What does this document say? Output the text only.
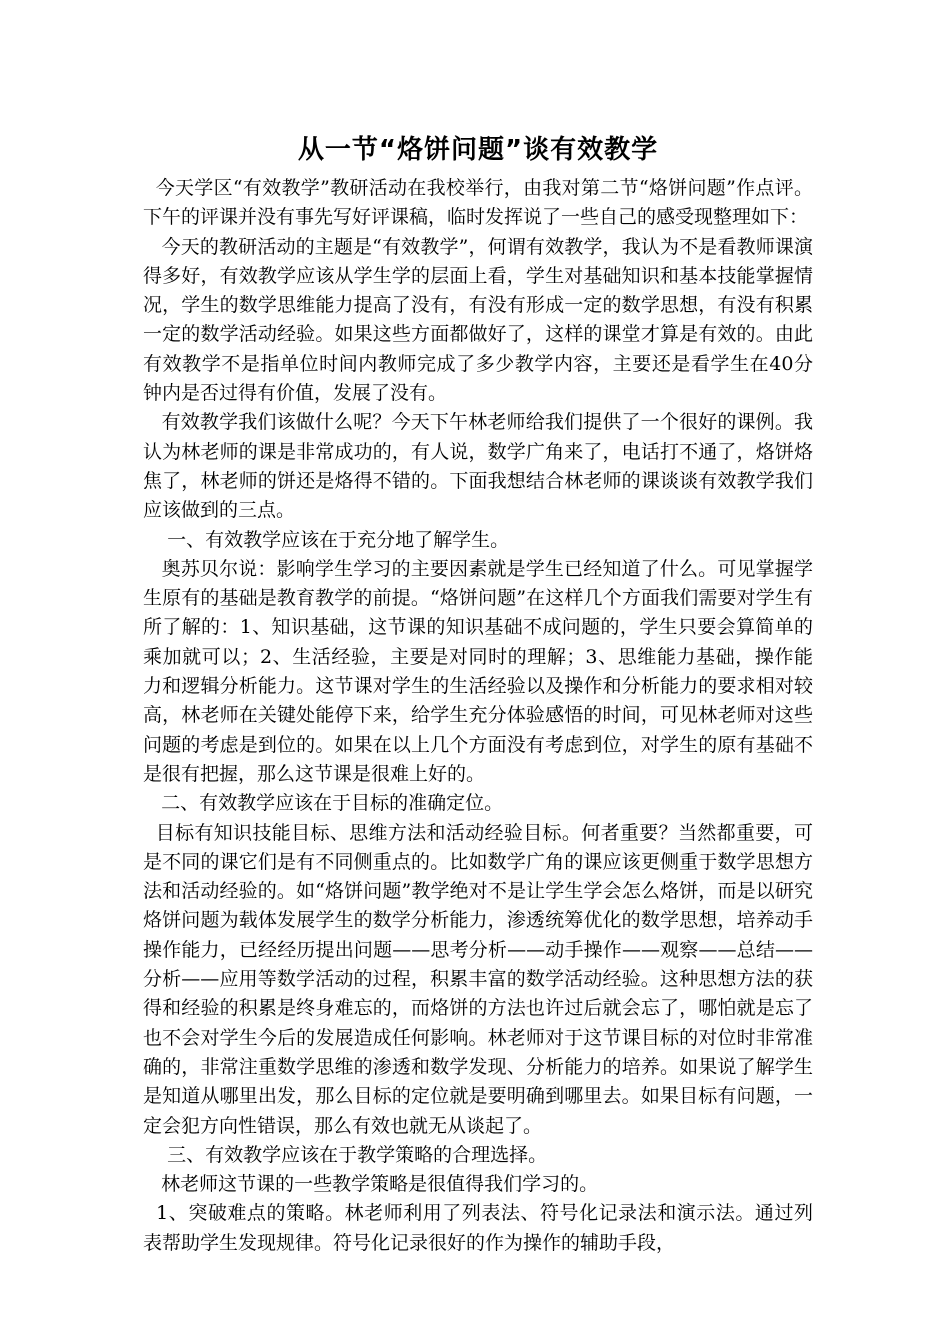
从一节“烙饼问题”谈有效教学

今天学区“有效教学”教研活动在我校举行，由我对第二节“烙饼问题”作点评。下午的评课并没有事先写好评课稿，临时发挥说了一些自己的感受现整理如下：

今天的教研活动的主题是“有效教学”，何谓有效教学，我认为不是看教师课演得多好，有效教学应该从学生学的层面上看，学生对基础知识和基本技能掌握情况，学生的数学思维能力提高了没有，有没有形成一定的数学思想，有没有积累一定的数学活动经验。如果这些方面都做好了，这样的课堂才算是有效的。由此有效教学不是指单位时间内教师完成了多少教学内容，主要还是看学生在40分钟内是否过得有价值，发展了没有。

有效教学我们该做什么呢？今天下午林老师给我们提供了一个很好的课例。我认为林老师的课是非常成功的，有人说，数学广角来了，电话打不通了，烙饼烙焦了，林老师的饼还是烙得不错的。下面我想结合林老师的课谈谈有效教学我们应该做到的三点。

一、有效教学应该在于充分地了解学生。

奥苏贝尔说：影响学生学习的主要因素就是学生已经知道了什么。可见掌握学生原有的基础是教育教学的前提。“烙饼问题”在这样几个方面我们需要对学生有所了解的：1、知识基础，这节课的知识基础不成问题的，学生只要会算简单的乘加就可以；2、生活经验，主要是对同时的理解；3、思维能力基础，操作能力和逻辑分析能力。这节课对学生的生活经验以及操作和分析能力的要求相对较高，林老师在关键处能停下来，给学生充分体验感悟的时间，可见林老师对这些问题的考虑是到位的。如果在以上几个方面没有考虑到位，对学生的原有基础不是很有把握，那么这节课是很难上好的。

二、有效教学应该在于目标的准确定位。

目标有知识技能目标、思维方法和活动经验目标。何者重要？当然都重要，可是不同的课它们是有不同侧重点的。比如数学广角的课应该更侧重于数学思想方法和活动经验的。如“烙饼问题”教学绝对不是让学生学会怎么烙饼，而是以研究烙饼问题为载体发展学生的数学分析能力，渗透统筹优化的数学思想，培养动手操作能力，已经经历提出问题——思考分析——动手操作——观察——总结——分析——应用等数学活动的过程，积累丰富的数学活动经验。这种思想方法的获得和经验的积累是终身难忘的，而烙饼的方法也许过后就会忘了，哪怕就是忘了也不会对学生今后的发展造成任何影响。林老师对于这节课目标的对位时非常准确的，非常注重数学思维的渗透和数学发现、分析能力的培养。如果说了解学生是知道从哪里出发，那么目标的定位就是要明确到哪里去。如果目标有问题，一定会犯方向性错误，那么有效也就无从谈起了。

三、有效教学应该在于教学策略的合理选择。

林老师这节课的一些教学策略是很值得我们学习的。

1、突破难点的策略。林老师利用了列表法、符号化记录法和演示法。通过列表帮助学生发现规律。符号化记录很好的作为操作的辅助手段，
